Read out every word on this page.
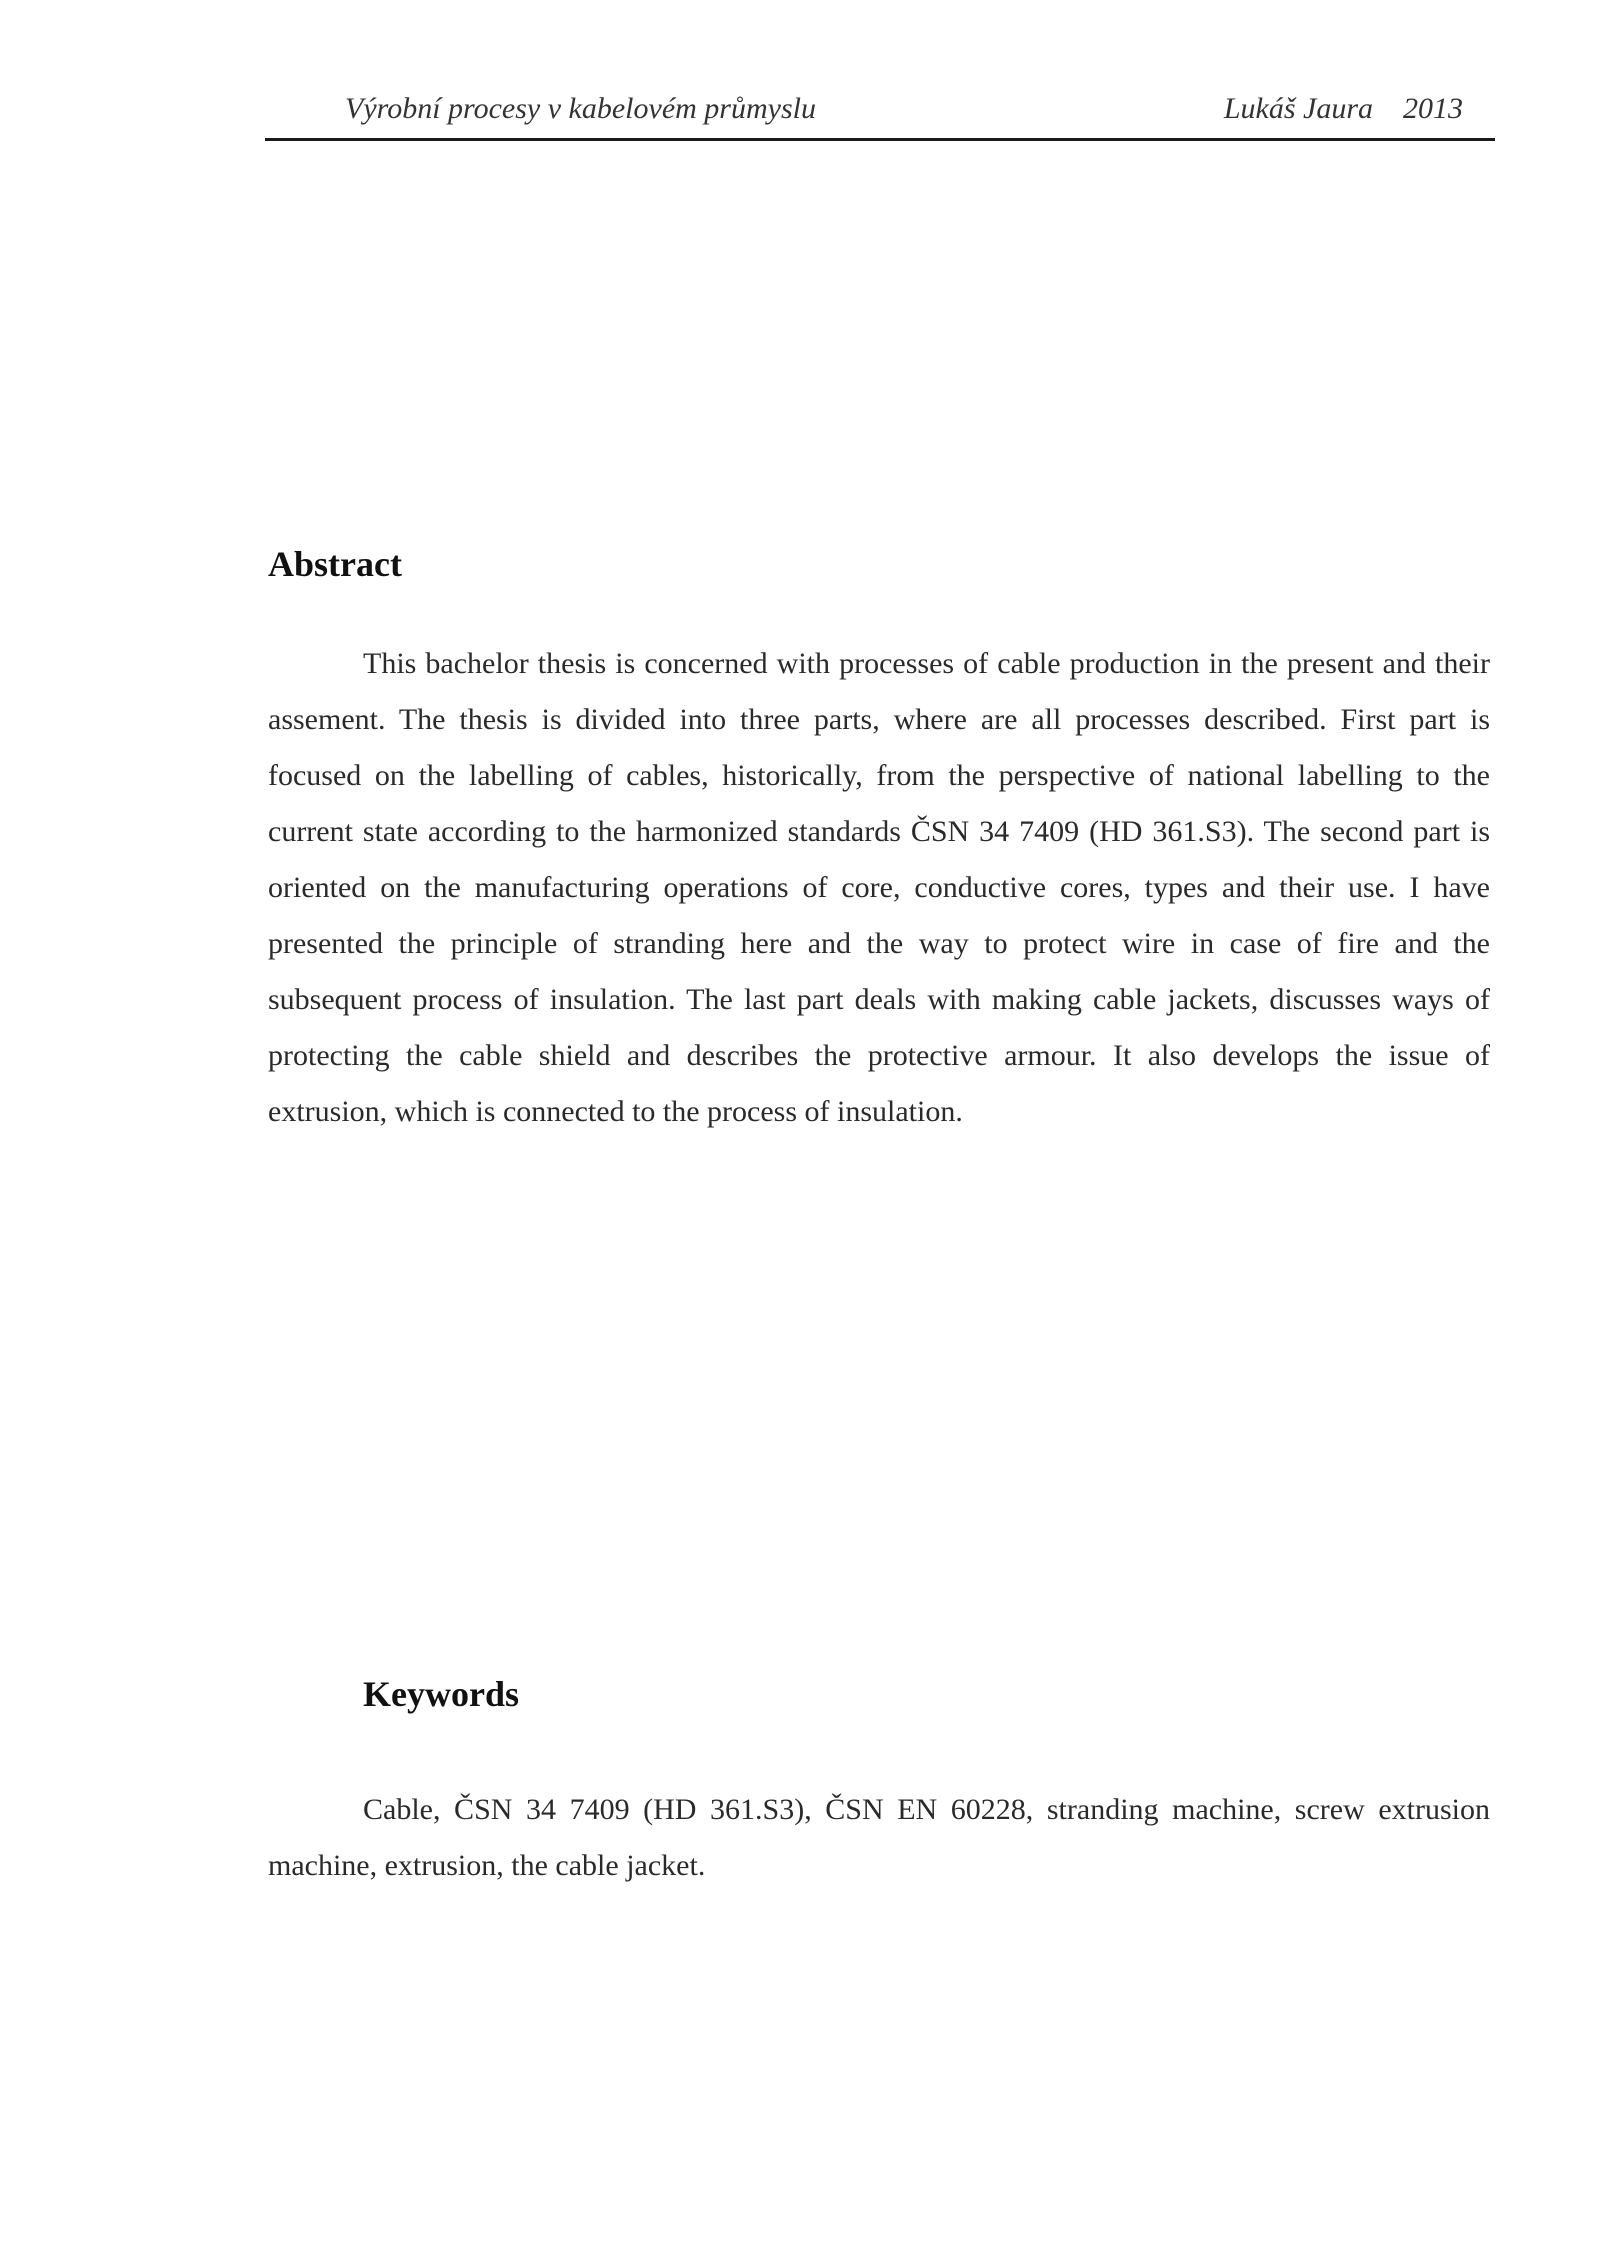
Výrobní procesy v kabelovém průmyslu	Lukáš Jaura 2013
Abstract

This bachelor thesis is concerned with processes of cable production in the present and their assement. The thesis is divided into three parts, where are all processes described. First part is focused on the labelling of cables, historically, from the perspective of national labelling to the current state according to the harmonized standards ČSN 34 7409 (HD 361.S3). The second part is oriented on the manufacturing operations of core, conductive cores, types and their use. I have presented the principle of stranding here and the way to protect wire in case of fire and the subsequent process of insulation. The last part deals with making cable jackets, discusses ways of protecting the cable shield and describes the protective armour. It also develops the issue of extrusion, which is connected to the process of insulation.

Keywords

Cable, ČSN 34 7409 (HD 361.S3), ČSN EN 60228, stranding machine, screw extrusion machine, extrusion, the cable jacket.
